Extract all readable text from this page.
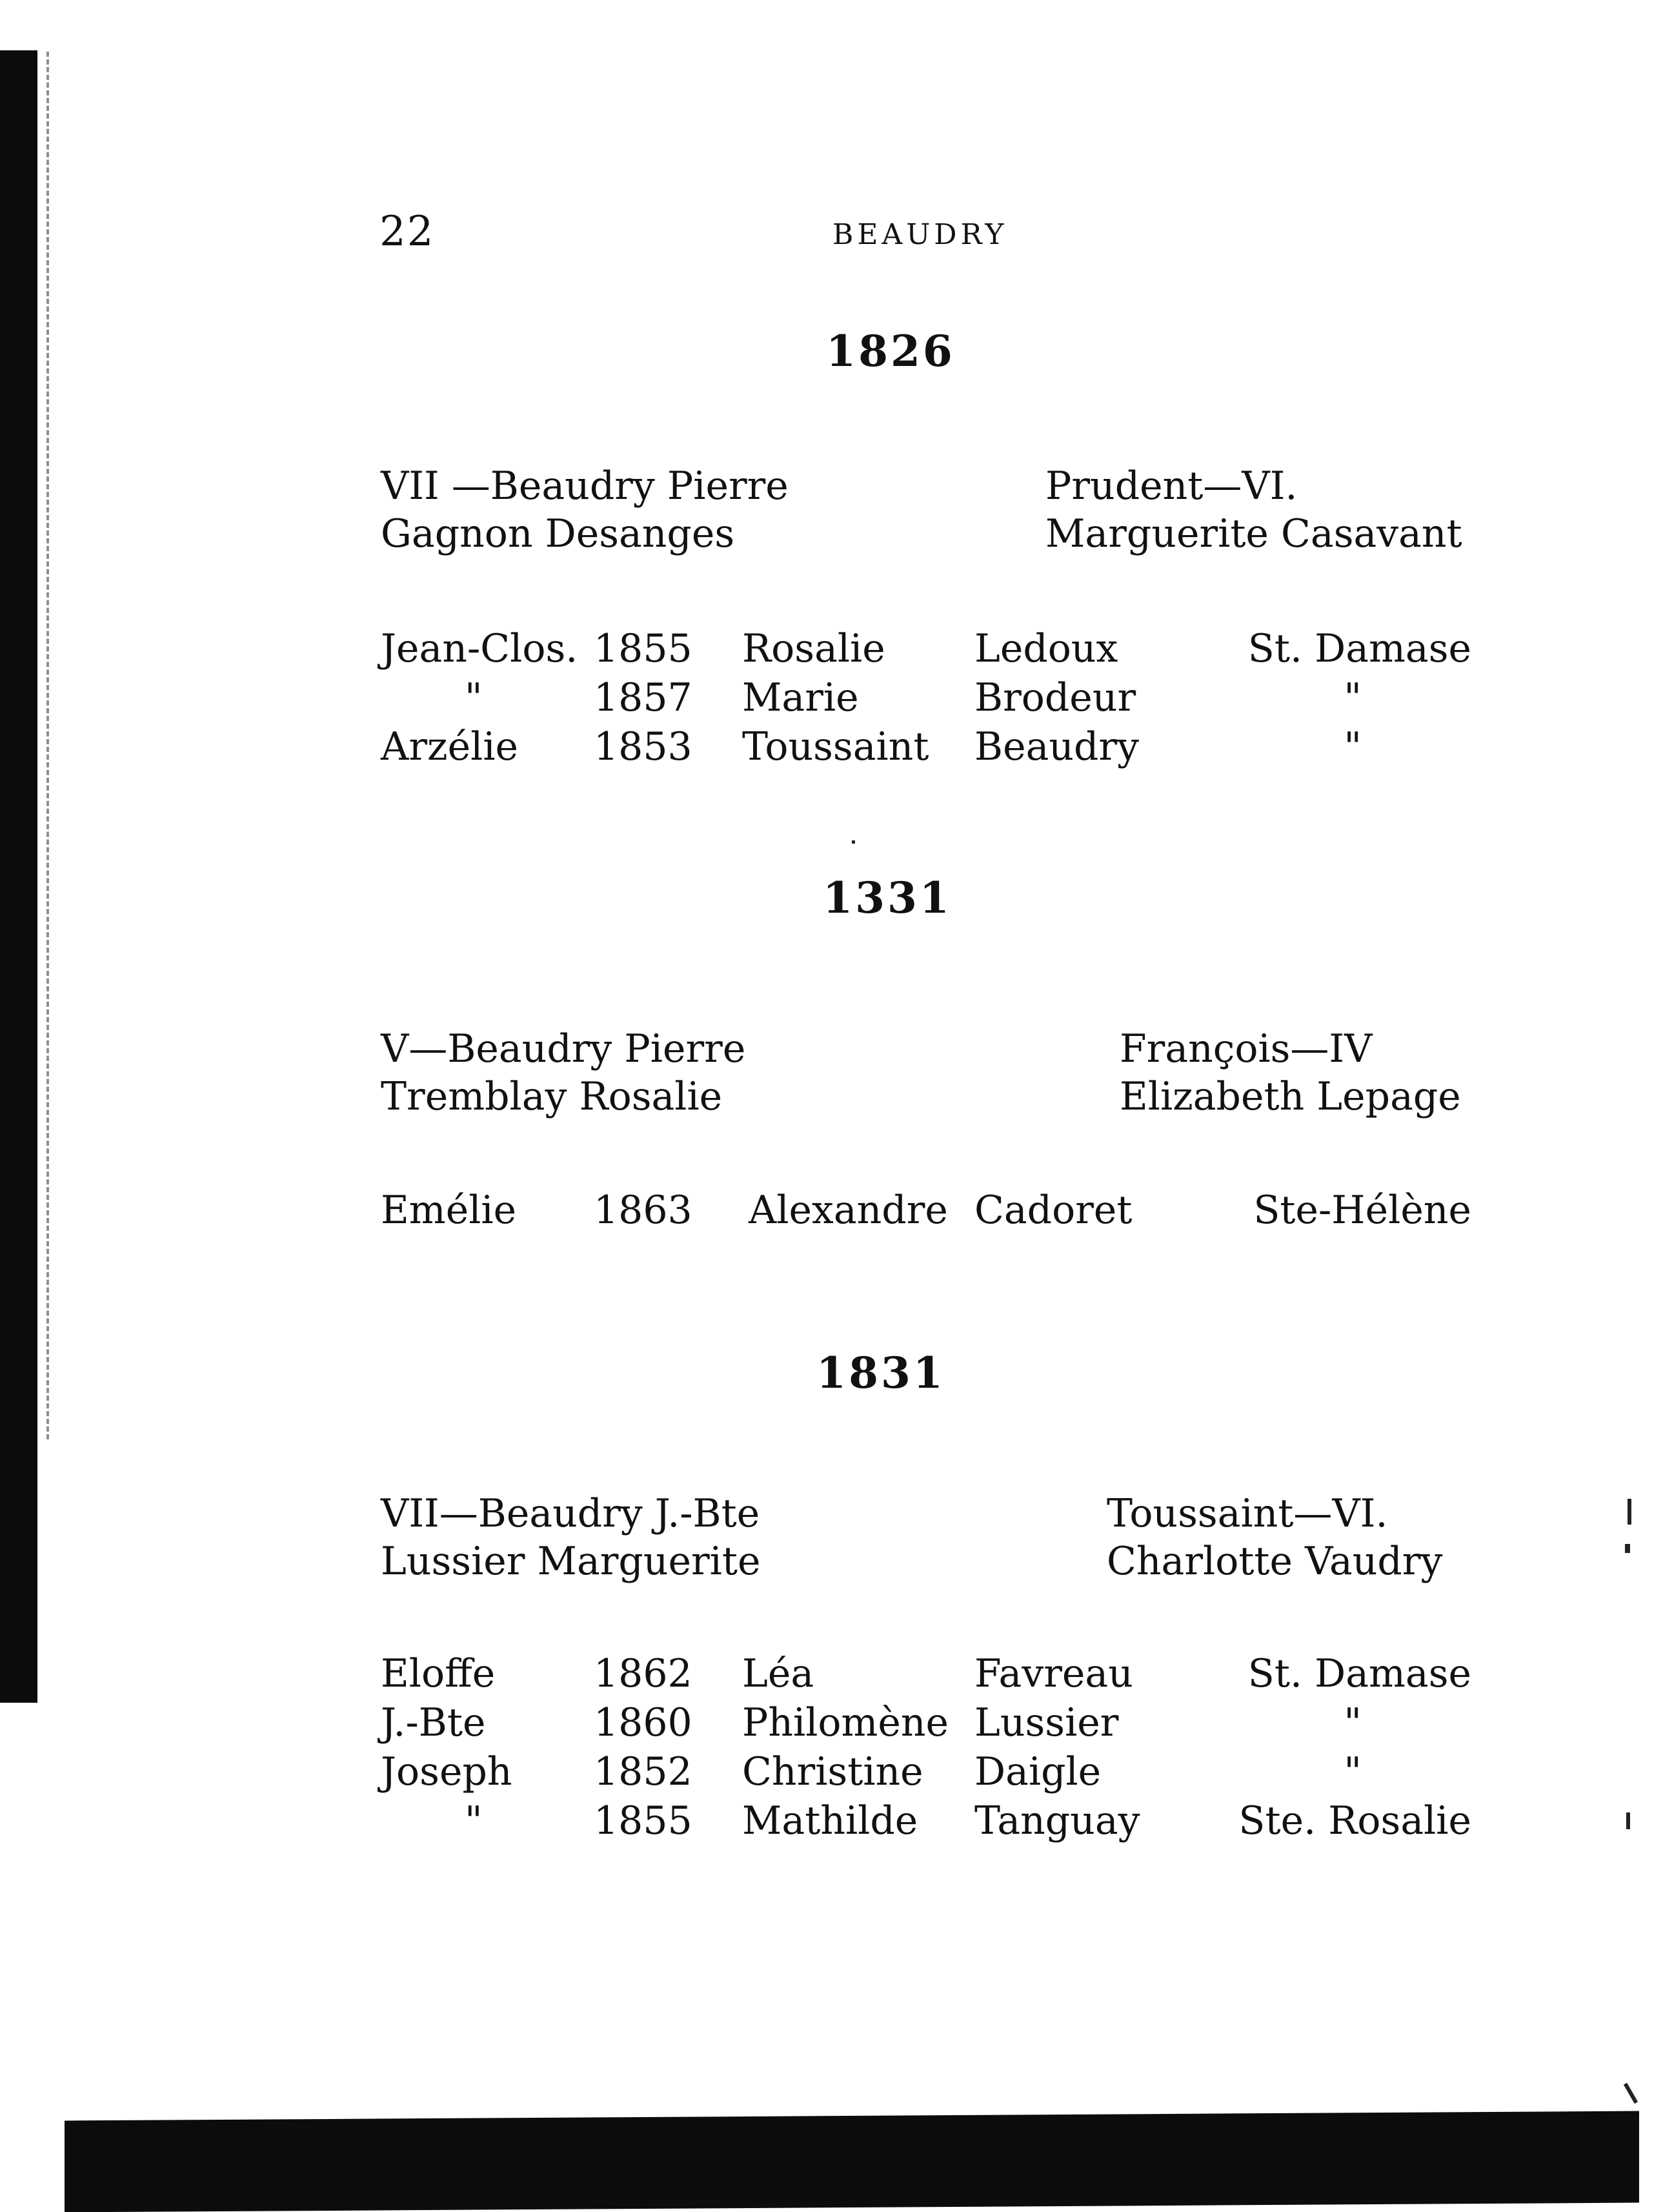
22	BEAUDRY
1826
VII —Beaudry Pierre
Gagnon Desanges
Prudent—VI.
Marguerite Casavant
Jean-Clos. 1855 Rosalie Ledoux	St. Damase
"	1857 Marie	Brodeur	"
Arzélie 1853 Toussaint Beaudry	"
1331
V—Beaudry Pierre
Tremblay Rosalie
François—IV
Elizabeth Lepage
Emélie 1863 Alexandre Cadoret	Ste-Hélène
1831
VII—Beaudry J.-Bte
Lussier Marguerite
Toussaint—VI.
Charlotte Vaudry
Eloffe	1862 Léa	Favreau	St. Damase
J.-Bte	1860 Philomène Lussier	"
Joseph 1852 Christine Daigle	"
"	1855 Mathilde Tanguay	Ste. Rosalie
